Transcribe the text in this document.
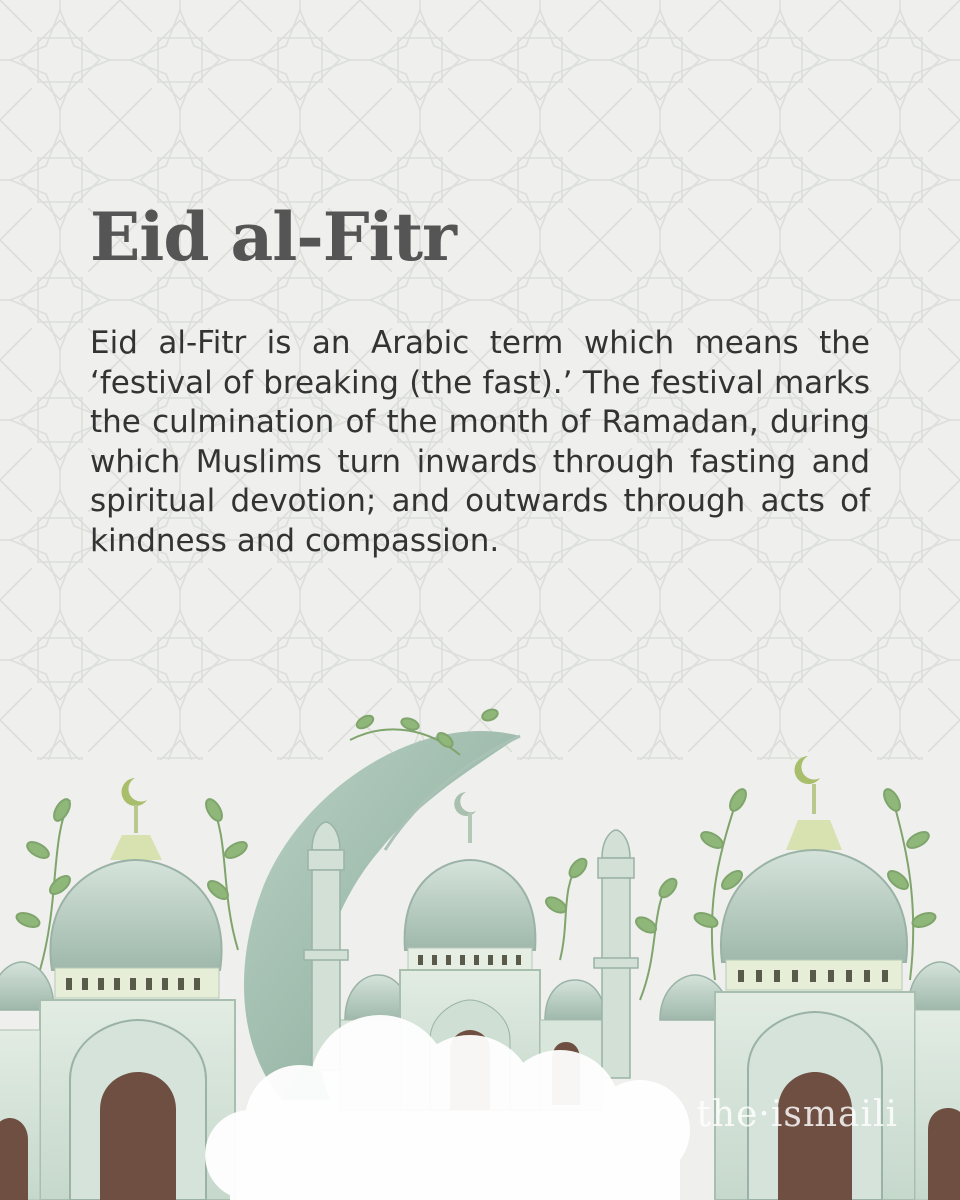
Eid al-Fitr

Eid al-Fitr is an Arabic term which means the ‘festival of breaking (the fast).’ The festival marks the culmination of the month of Ramadan, during which Muslims turn inwards through fasting and spiritual devotion; and outwards through acts of kindness and compassion.

the·ismaili
